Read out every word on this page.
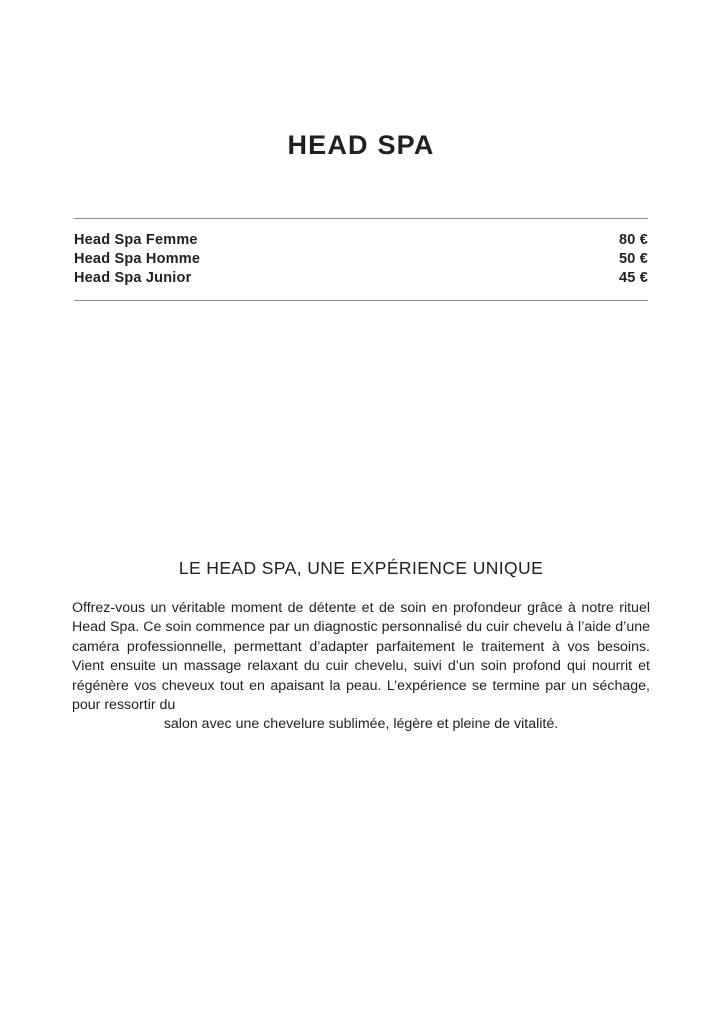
HEAD SPA
Head Spa Femme	80 €
Head Spa Homme	50 €
Head Spa Junior	45 €
LE HEAD SPA, UNE EXPÉRIENCE UNIQUE
Offrez-vous un véritable moment de détente et de soin en profondeur grâce à notre rituel Head Spa. Ce soin commence par un diagnostic personnalisé du cuir chevelu à l’aide d’une caméra professionnelle, permettant d’adapter parfaitement le traitement à vos besoins. Vient ensuite un massage relaxant du cuir chevelu, suivi d’un soin profond qui nourrit et régénère vos cheveux tout en apaisant la peau. L’expérience se termine par un séchage, pour ressortir du
salon avec une chevelure sublimée, légère et pleine de vitalité.
